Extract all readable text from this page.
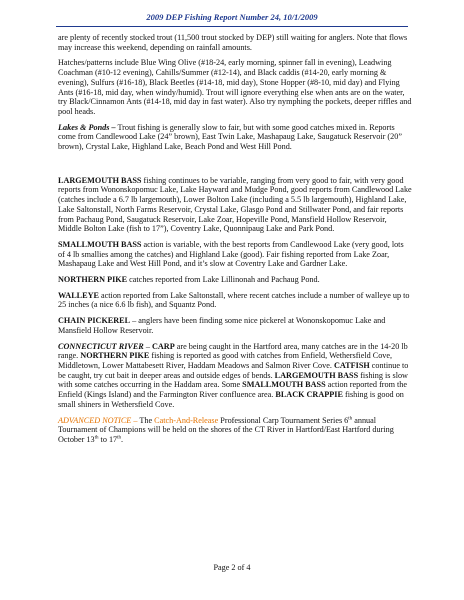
2009 DEP Fishing Report Number 24, 10/1/2009

are plenty of recently stocked trout (11,500 trout stocked by DEP) still waiting for anglers. Note that flows may increase this weekend, depending on rainfall amounts.

Hatches/patterns include Blue Wing Olive (#18-24, early morning, spinner fall in evening), Leadwing Coachman (#10-12 evening), Cahills/Summer (#12-14), and Black caddis (#14-20, early morning & evening), Sulfurs (#16-18), Black Beetles (#14-18, mid day), Stone Hopper (#8-10, mid day) and Flying Ants (#16-18, mid day, when windy/humid). Trout will ignore everything else when ants are on the water, try Black/Cinnamon Ants (#14-18, mid day in fast water). Also try nymphing the pockets, deeper riffles and pool heads.

Lakes & Ponds – Trout fishing is generally slow to fair, but with some good catches mixed in. Reports come from Candlewood Lake (24” brown), East Twin Lake, Mashapaug Lake, Saugatuck Reservoir (20” brown), Crystal Lake, Highland Lake, Beach Pond and West Hill Pond.

LARGEMOUTH BASS fishing continues to be variable, ranging from very good to fair, with very good reports from Wononskopomuc Lake, Lake Hayward and Mudge Pond, good reports from Candlewood Lake (catches include a 6.7 lb largemouth), Lower Bolton Lake (including a 5.5 lb largemouth), Highland Lake, Lake Saltonstall, North Farms Reservoir, Crystal Lake, Glasgo Pond and Stillwater Pond, and fair reports from Pachaug Pond, Saugatuck Reservoir, Lake Zoar, Hopeville Pond, Mansfield Hollow Reservoir, Middle Bolton Lake (fish to 17”), Coventry Lake, Quonnipaug Lake and Park Pond.

SMALLMOUTH BASS action is variable, with the best reports from Candlewood Lake (very good, lots of 4 lb smallies among the catches) and Highland Lake (good). Fair fishing reported from Lake Zoar, Mashapaug Lake and West Hill Pond, and it’s slow at Coventry Lake and Gardner Lake.

NORTHERN PIKE catches reported from Lake Lillinonah and Pachaug Pond.

WALLEYE action reported from Lake Saltonstall, where recent catches include a number of walleye up to 25 inches (a nice 6.6 lb fish), and Squantz Pond.

CHAIN PICKEREL – anglers have been finding some nice pickerel at Wononskopomuc Lake and Mansfield Hollow Reservoir.

CONNECTICUT RIVER – CARP are being caught in the Hartford area, many catches are in the 14-20 lb range. NORTHERN PIKE fishing is reported as good with catches from Enfield, Wethersfield Cove, Middletown, Lower Mattabesett River, Haddam Meadows and Salmon River Cove. CATFISH continue to be caught, try cut bait in deeper areas and outside edges of bends. LARGEMOUTH BASS fishing is slow with some catches occurring in the Haddam area. Some SMALLMOUTH BASS action reported from the Enfield (Kings Island) and the Farmington River confluence area. BLACK CRAPPIE fishing is good on small shiners in Wethersfield Cove.

ADVANCED NOTICE – The Catch-And-Release Professional Carp Tournament Series 6th annual Tournament of Champions will be held on the shores of the CT River in Hartford/East Hartford during October 13th to 17th.

Page 2 of 4
